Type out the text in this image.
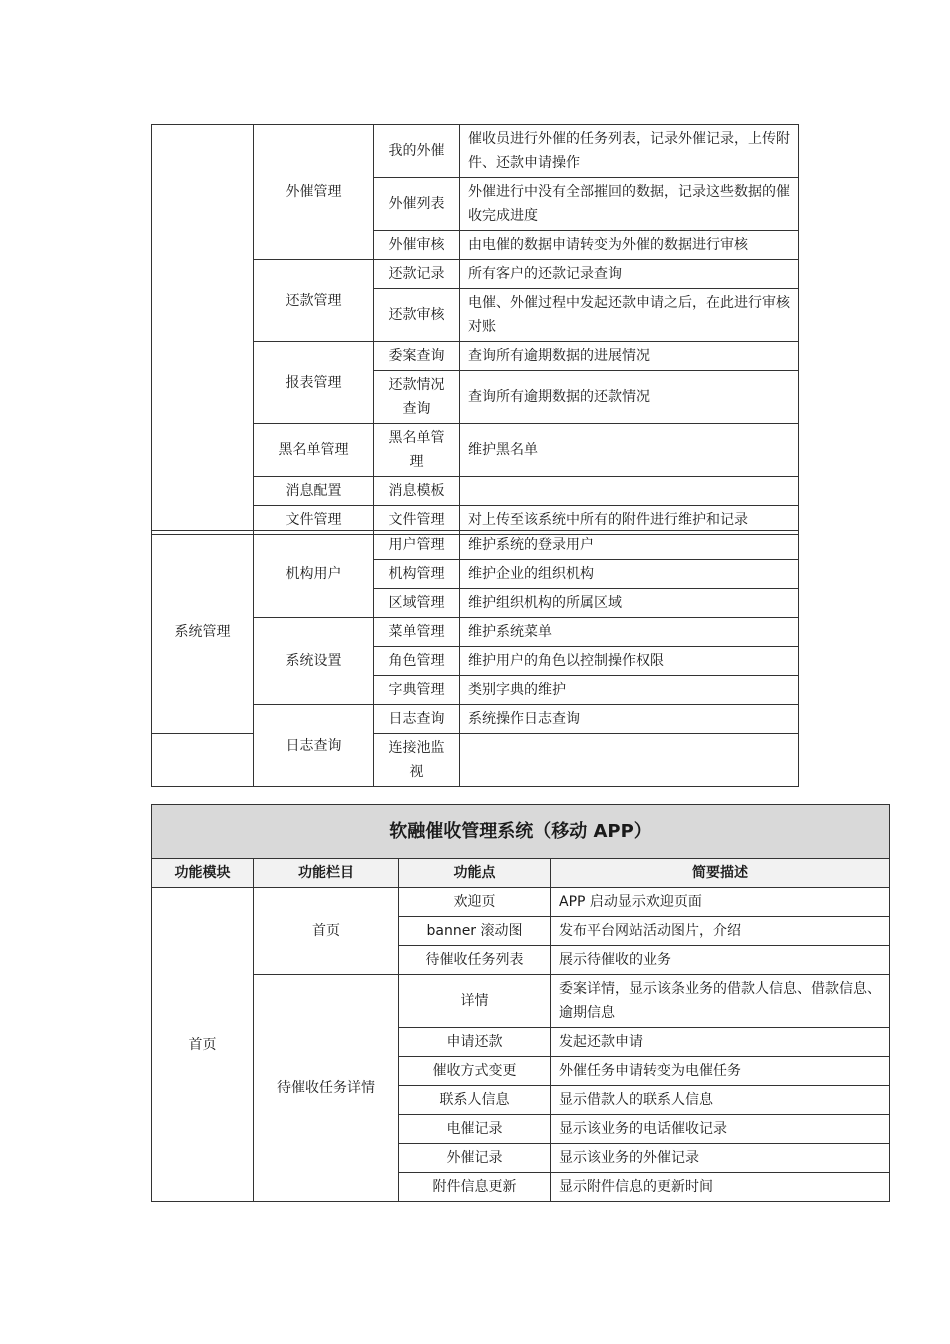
	外催管理	我的外催	催收员进行外催的任务列表，记录外催记录，上传附件、还款申请操作
		外催列表	外催进行中没有全部摧回的数据，记录这些数据的催收完成进度
		外催审核	由电催的数据申请转变为外催的数据进行审核
	还款管理	还款记录	所有客户的还款记录查询
		还款审核	电催、外催过程中发起还款申请之后，在此进行审核对账
	报表管理	委案查询	查询所有逾期数据的进展情况
		还款情况查询	查询所有逾期数据的还款情况
	黑名单管理	黑名单管理	维护黑名单
	消息配置	消息模板	
	文件管理	文件管理	对上传至该系统中所有的附件进行维护和记录
系统管理	机构用户	用户管理	维护系统的登录用户
		机构管理	维护企业的组织机构
		区域管理	维护组织机构的所属区域
	系统设置	菜单管理	维护系统菜单
		角色管理	维护用户的角色以控制操作权限
		字典管理	类别字典的维护
	日志查询	日志查询	系统操作日志查询
		连接池监视	
软融催收管理系统（移动 APP）			
功能模块	功能栏目	功能点	简要描述
首页	首页	欢迎页	APP 启动显示欢迎页面
		banner 滚动图	发布平台网站活动图片，介绍
		待催收任务列表	展示待催收的业务
	待催收任务详情	详情	委案详情，显示该条业务的借款人信息、借款信息、逾期信息
		申请还款	发起还款申请
		催收方式变更	外催任务申请转变为电催任务
		联系人信息	显示借款人的联系人信息
		电催记录	显示该业务的电话催收记录
		外催记录	显示该业务的外催记录
		附件信息更新	显示附件信息的更新时间
